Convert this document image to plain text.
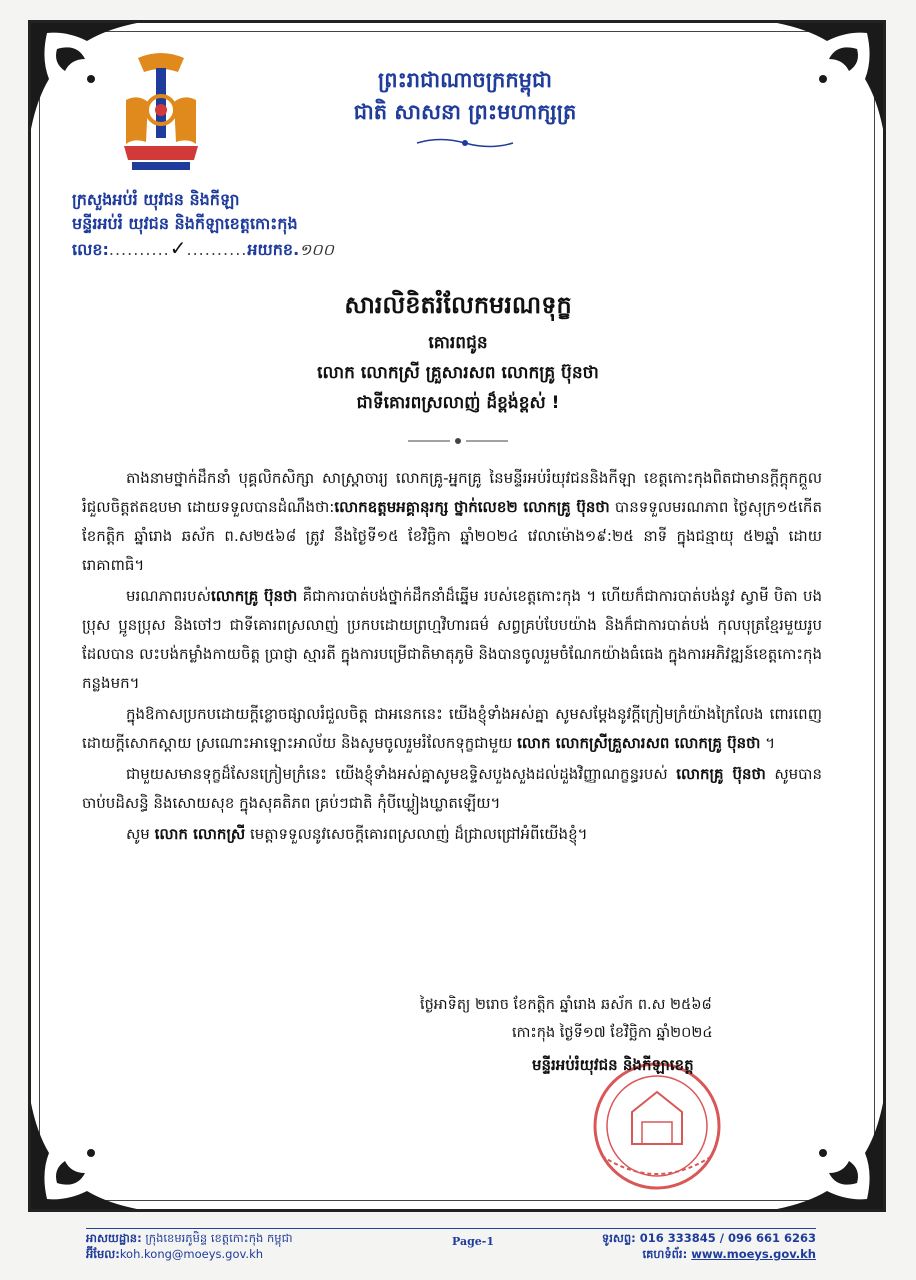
ព្រះរាជាណាចក្រកម្ពុជា
ជាតិ សាសនា ព្រះមហាក្សត្រ
ក្រសួងអប់រំ យុវជន និងកីឡា
មន្ទីរអប់រំ យុវជន និងកីឡាខេត្តកោះកុង
លេខ:..........✓..........អយកខ.១០០
សារលិខិតរំលែកមរណទុក្ខ
គោរពជូន
លោក លោកស្រី គ្រួសារសព លោកគ្រូ ប៊ុនថា
ជាទីគោរពស្រលាញ់ ដ៏ខ្ពង់ខ្ពស់ !

តាងនាមថ្នាក់ដឹកនាំ បុគ្គលិកសិក្សា សាស្ត្រាចារ្យ លោកគ្រូ-អ្នកគ្រូ នៃមន្ទីរអប់រំយុវជននិងកីឡា ខេត្តកោះកុងពិតជាមានក្តីក្តុកក្តួលរំជួលចិត្តឥតឧបមា ដោយទទួលបានដំណឹងថា:លោកឧត្តមអគ្គានុរក្ស ថ្នាក់លេខ២ លោកគ្រូ ប៊ុនថា បានទទួលមរណភាព ថ្ងៃសុក្រ១៥កើត ខែកត្តិក ឆ្នាំរោង ឆស័ក ព.ស២៥៦៨ ត្រូវ នឹងថ្ងៃទី១៥ ខែវិច្ឆិកា ឆ្នាំ២០២៤ វេលាម៉ោង១៩:២៥ នាទី ក្នុងជន្មាយុ ៥២ឆ្នាំ ដោយរោគាពាធិ។

មរណភាពរបស់លោកគ្រូ ប៊ុនថា គឺជាការបាត់បង់ថ្នាក់ដឹកនាំដ៏ឆ្នើម របស់ខេត្តកោះកុង ។ ហើយក៏ជាការបាត់បង់នូវ ស្វាមី បិតា បងប្រុស ប្អូនប្រុស និងចៅៗ ជាទីគោរពស្រលាញ់ ប្រកបដោយព្រហ្មវិហារធម៌ សព្វគ្រប់បែបយ៉ាង និងក៏ជាការបាត់បង់ កុលបុត្រខ្មែរមួយរូបដែលបាន លះបង់កម្លាំងកាយចិត្ត ប្រាជ្ញា ស្មារតី ក្នុងការបម្រើជាតិមាតុភូមិ និងបានចូលរួមចំណែកយ៉ាងធំធេង ក្នុងការអភិវឌ្ឍន៍ខេត្តកោះកុង កន្លងមក។

ក្នុងឱកាសប្រកបដោយក្តីខ្លោចផ្សាលរំជួលចិត្ត ជាអនេកនេះ យើងខ្ញុំទាំងអស់គ្នា សូមសម្តែងនូវក្តីក្រៀមក្រំយ៉ាងក្រៃលែង ពោរពេញដោយក្តីសោកស្តាយ ស្រណោះអាឡោះអាល័យ និងសូមចូលរួមរំលែកទុក្ខជាមួយ លោក លោកស្រីគ្រួសារសព លោកគ្រូ ប៊ុនថា ។

ជាមួយសមានទុក្ខដ៏សែនក្រៀមក្រំនេះ យើងខ្ញុំទាំងអស់គ្នាសូមឧទ្ទិសបួងសួងដល់ដួងវិញ្ញាណក្ខន្ធរបស់ លោកគ្រូ ប៊ុនថា សូមបានចាប់បដិសន្ធិ និងសោយសុខ ក្នុងសុគតិភព គ្រប់ៗជាតិ កុំបីឃ្លៀងឃ្លាតឡើយ។

សូម លោក លោកស្រី មេត្តាទទួលនូវសេចក្តីគោរពស្រលាញ់ ដ៏ជ្រាលជ្រៅអំពីយើងខ្ញុំ។

ថ្ងៃអាទិត្យ ២រោច ខែកត្តិក ឆ្នាំរោង ឆស័ក ព.ស ២៥៦៨
កោះកុង ថ្ងៃទី១៧ ខែវិច្ឆិកា ឆ្នាំ២០២៤
មន្ទីរអប់រំយុវជន និងកីឡាខេត្ត
អាសយដ្ឋាន: ក្រុងខេមរភូមិន្ទ ខេត្តកោះកុង កម្ពុជា
អ៊ីមែល:koh.kong@moeys.gov.kh
Page-1	ទូរសព្ទ: 016 333845 / 096 661 6263
គេហទំព័រ: www.moeys.gov.kh
